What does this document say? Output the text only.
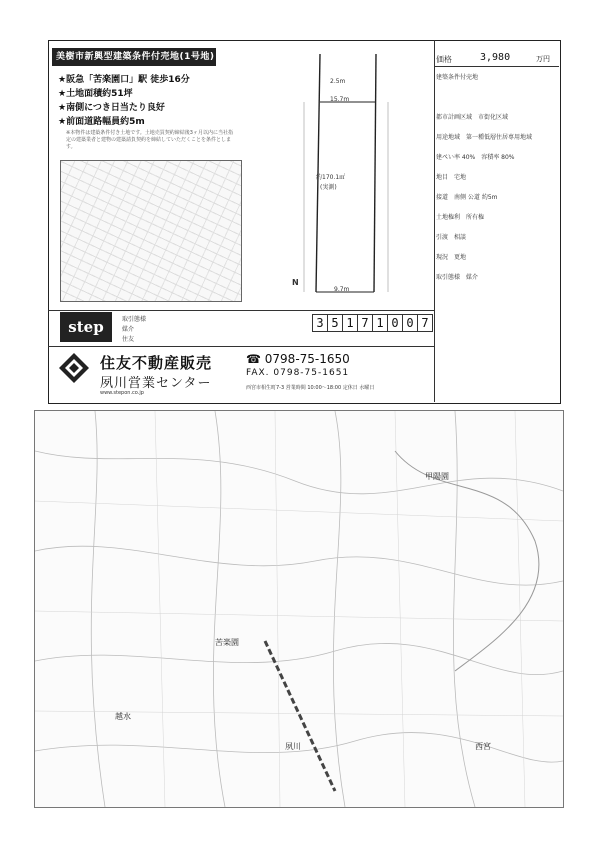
美樹市新興型建築条件付売地(1号地)
★阪急「苦楽園口」駅 徒歩16分
★土地面積約51坪
★南側につき日当たり良好
★前面道路幅員約5m
※本物件は建築条件付き土地です。土地売買契約締結後3ヶ月以内に当社指定の建築業者と建物の建築請負契約を締結していただくことを条件とします。
2.5m
15.7m
約170.1㎡
(実測)
9.7m
N
価格	3,980	万円
建築条件付売地
都市計画区域　市街化区域
用途地域　第一種低層住居専用地域
建ぺい率 40%　容積率 80%
地目　宅地
接道　南側 公道 約5m
土地権利　所有権
引渡　相談
現況　更地
取引態様　媒介
step	取引態様
媒介
住友
3 5 1 7 1 0 0 7
住友不動産販売
夙川営業センター
www.stepon.co.jp
☎ 0798-75-1650
FAX. 0798-75-1651
西宮市相生町7-3 営業時間 10:00〜18:00 定休日 水曜日
苦楽園
夙川
甲陽園
越水
西宮
